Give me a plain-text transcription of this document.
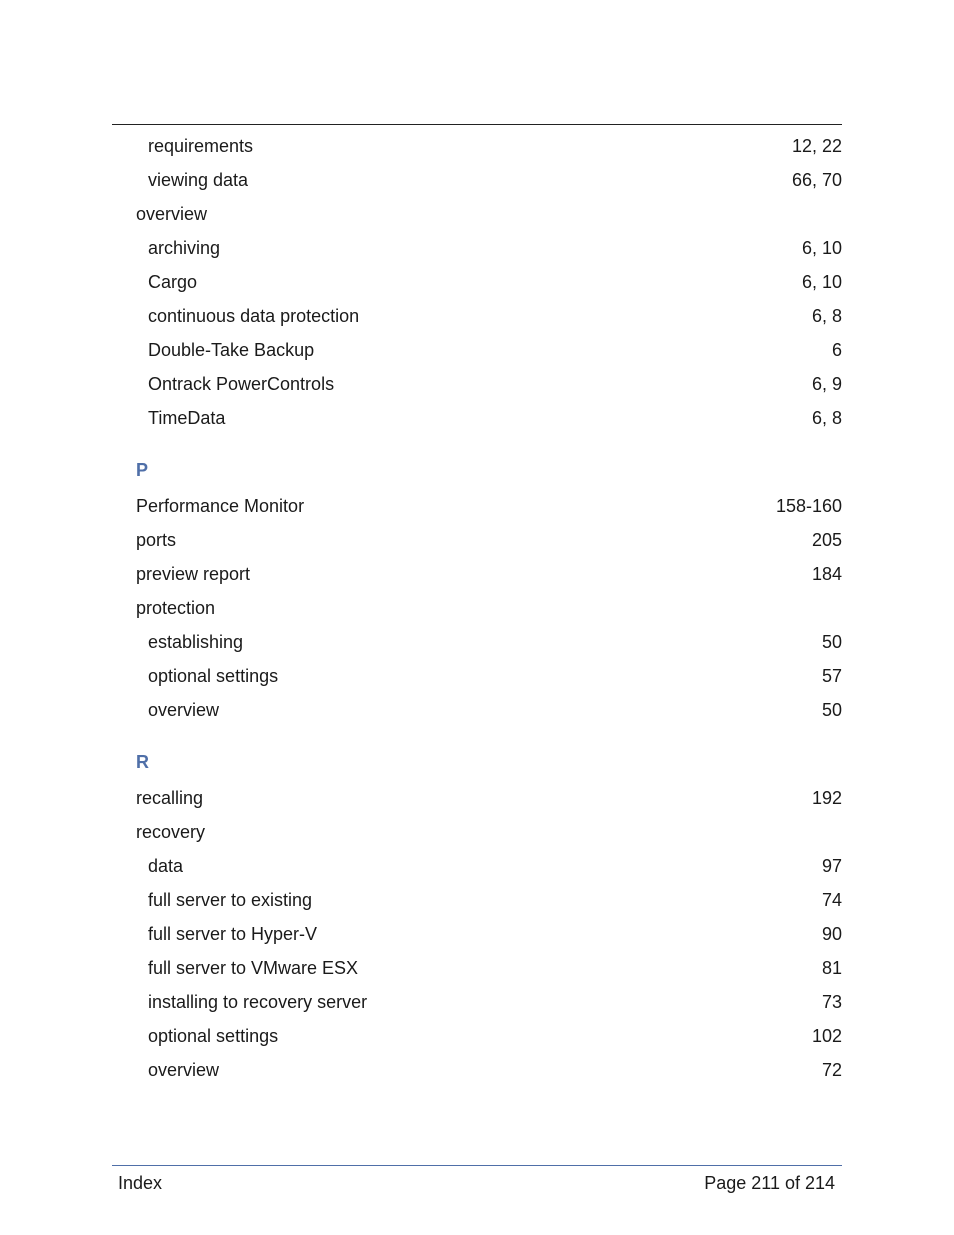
requirements	12, 22
viewing data	66, 70
overview
archiving	6, 10
Cargo	6, 10
continuous data protection	6, 8
Double-Take Backup	6
Ontrack PowerControls	6, 9
TimeData	6, 8
P
Performance Monitor	158-160
ports	205
preview report	184
protection
establishing	50
optional settings	57
overview	50
R
recalling	192
recovery
data	97
full server to existing	74
full server to Hyper-V	90
full server to VMware ESX	81
installing to recovery server	73
optional settings	102
overview	72
Index	Page 211 of 214
